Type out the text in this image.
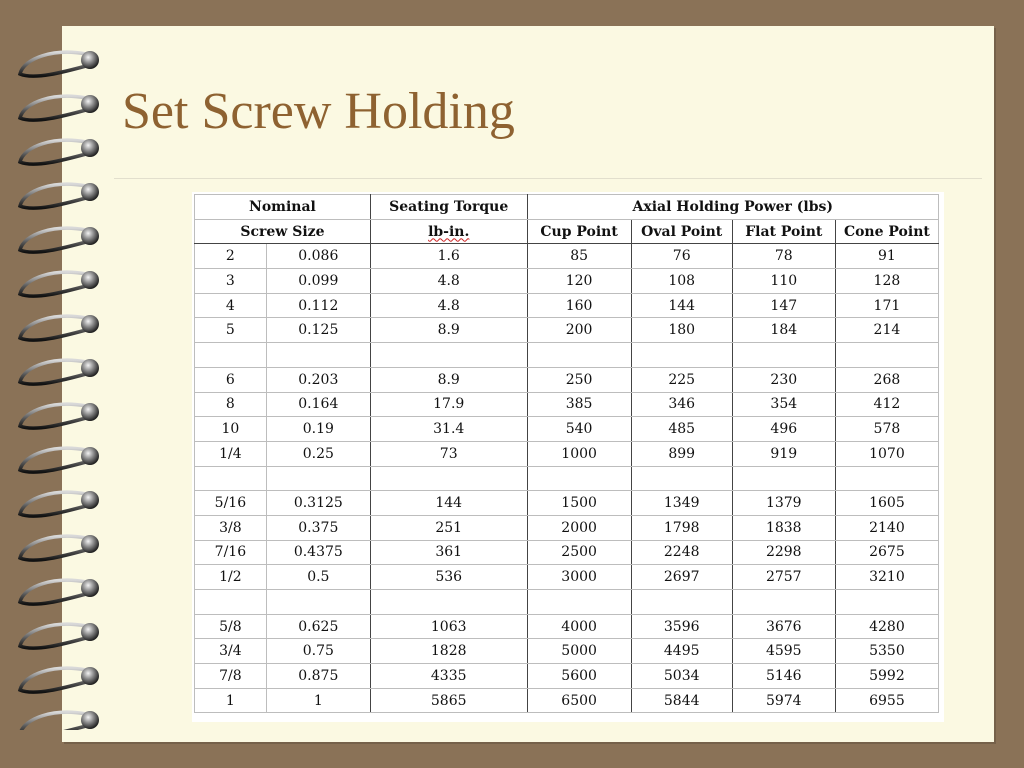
Set Screw Holding
Nominal		Seating Torque	Axial Holding Power (lbs)			
Screw Size		lb-in.	Cup Point	Oval Point	Flat Point	Cone Point
2	0.086	1.6	85	76	78	91
3	0.099	4.8	120	108	110	128
4	0.112	4.8	160	144	147	171
5	0.125	8.9	200	180	184	214

6	0.203	8.9	250	225	230	268
8	0.164	17.9	385	346	354	412
10	0.19	31.4	540	485	496	578
1/4	0.25	73	1000	899	919	1070

5/16	0.3125	144	1500	1349	1379	1605
3/8	0.375	251	2000	1798	1838	2140
7/16	0.4375	361	2500	2248	2298	2675
1/2	0.5	536	3000	2697	2757	3210

5/8	0.625	1063	4000	3596	3676	4280
3/4	0.75	1828	5000	4495	4595	5350
7/8	0.875	4335	5600	5034	5146	5992
1	1	5865	6500	5844	5974	6955
